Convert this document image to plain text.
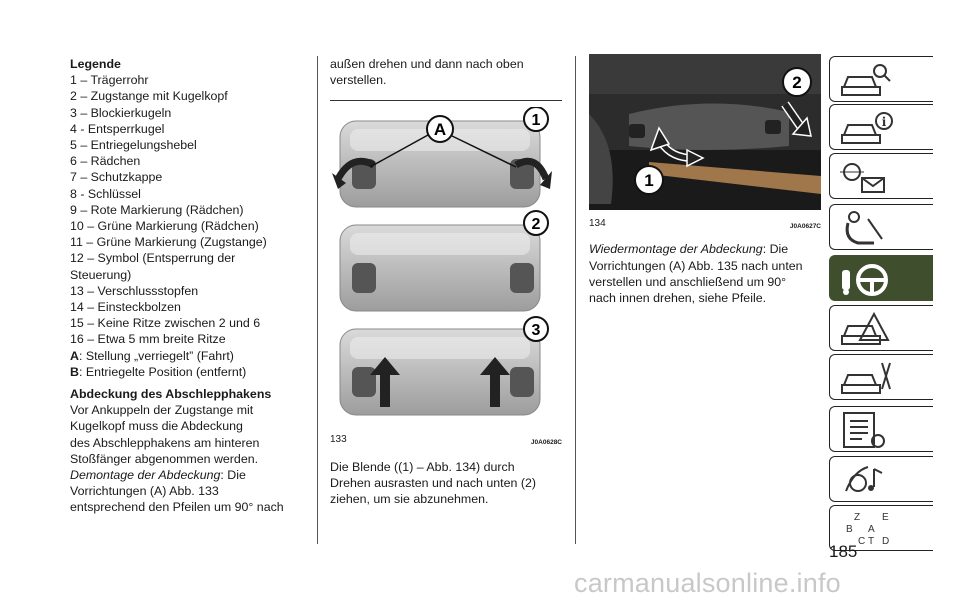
Legende
1 – Trägerrohr
2 – Zugstange mit Kugelkopf
3 – Blockierkugeln
4 - Entsperrkugel
5 – Entriegelungshebel
6 – Rädchen
7 – Schutzkappe
8 - Schlüssel
9 – Rote Markierung (Rädchen)
10 – Grüne Markierung (Rädchen)
11 – Grüne Markierung (Zugstange)
12 – Symbol (Entsperrung der
Steuerung)
13 – Verschlussstopfen
14 – Einsteckbolzen
15 – Keine Ritze zwischen 2 und 6
16 – Etwa 5 mm breite Ritze
A: Stellung „verriegelt” (Fahrt)
B: Entriegelte Position (entfernt)
Abdeckung des Abschlepphakens
Vor Ankuppeln der Zugstange mit
Kugelkopf muss die Abdeckung
des Abschlepphakens am hinteren
Stoßfänger abgenommen werden.
Demontage der Abdeckung: Die
Vorrichtungen (A) Abb. 133
entsprechend den Pfeilen um 90° nach
außen drehen und dann nach oben
verstellen.
A	1
2
3
133	J0A0628C
Die Blende ((1) – Abb. 134) durch
Drehen ausrasten und nach unten (2)
ziehen, um sie abzunehmen.
2
1
134	J0A0627C
Wiedermontage der Abdeckung: Die
Vorrichtungen (A) Abb. 135 nach unten
verstellen und anschließend um 90°
nach innen drehen, siehe Pfeile.
i
Z E
B A
C D
T
185
carmanualsonline.info
